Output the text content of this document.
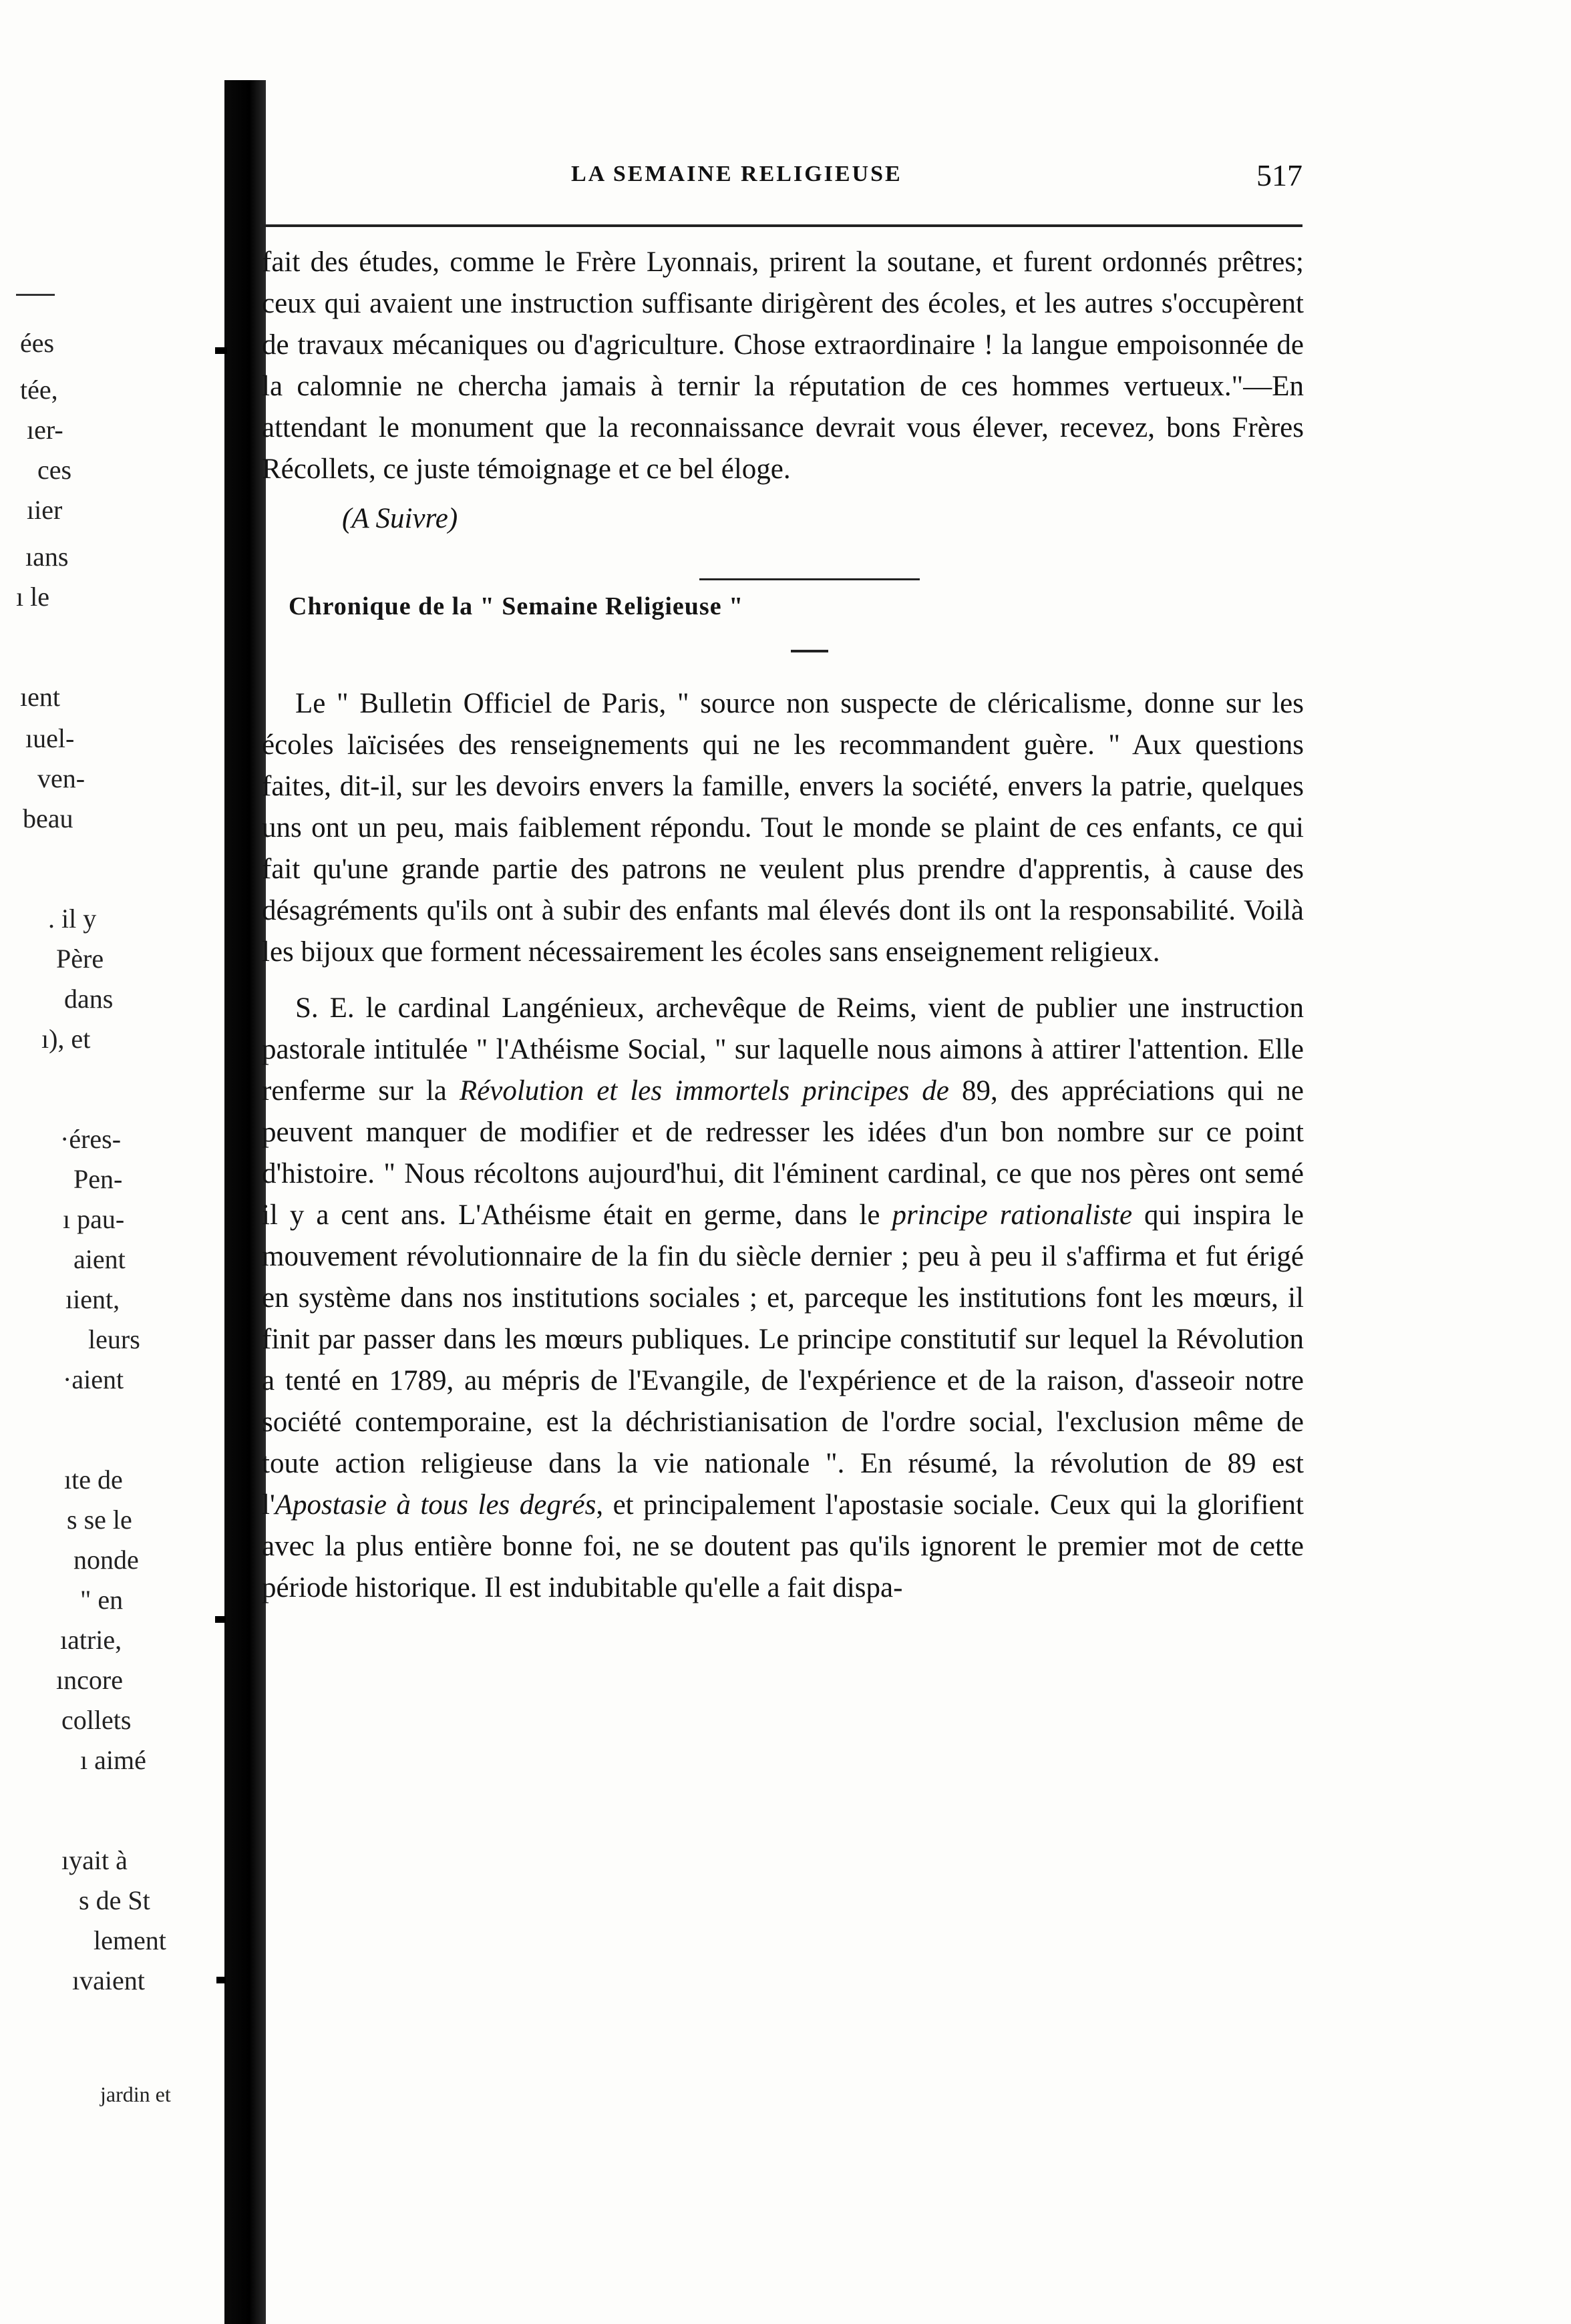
ées
tée,
ıer-
ces
ıier
ıans
ı le
ıent
ıuel-
ven-
beau
. il y
Père
dans
ı), et
·éres-
Pen-
ı pau-
aient
ıient,
leurs
·aient
ıte de
s se le
nonde
" en
ıatrie,
ıncore
collets
ı aimé
ıyait à
s de St
lement
ıvaient
jardin et
LA SEMAINE RELIGIEUSE	517

fait des études, comme le Frère Lyonnais, prirent la soutane, et furent ordonnés prêtres; ceux qui avaient une instruction suffisante dirigèrent des écoles, et les autres s'occupèrent de travaux mécaniques ou d'agriculture. Chose extraordinaire ! la langue empoisonnée de la calomnie ne chercha jamais à ternir la réputation de ces hommes vertueux."—En attendant le monument que la reconnaissance devrait vous élever, recevez, bons Frères Récollets, ce juste témoignage et ce bel éloge.

(A Suivre)

Chronique de la " Semaine Religieuse "

Le " Bulletin Officiel de Paris, " source non suspecte de cléricalisme, donne sur les écoles laïcisées des renseignements qui ne les recommandent guère. " Aux questions faites, dit-il, sur les devoirs envers la famille, envers la société, envers la patrie, quelques uns ont un peu, mais faiblement répondu. Tout le monde se plaint de ces enfants, ce qui fait qu'une grande partie des patrons ne veulent plus prendre d'apprentis, à cause des désagréments qu'ils ont à subir des enfants mal élevés dont ils ont la responsabilité. Voilà les bijoux que forment nécessairement les écoles sans enseignement religieux.

S. E. le cardinal Langénieux, archevêque de Reims, vient de publier une instruction pastorale intitulée " l'Athéisme Social, " sur laquelle nous aimons à attirer l'attention. Elle renferme sur la Révolution et les immortels principes de 89, des appréciations qui ne peuvent manquer de modifier et de redresser les idées d'un bon nombre sur ce point d'histoire. " Nous récoltons aujourd'hui, dit l'éminent cardinal, ce que nos pères ont semé il y a cent ans. L'Athéisme était en germe, dans le principe rationaliste qui inspira le mouvement révolutionnaire de la fin du siècle dernier ; peu à peu il s'affirma et fut érigé en système dans nos institutions sociales ; et, parceque les institutions font les mœurs, il finit par passer dans les mœurs publiques. Le principe constitutif sur lequel la Révolution a tenté en 1789, au mépris de l'Evangile, de l'expérience et de la raison, d'asseoir notre société contemporaine, est la déchristianisation de l'ordre social, l'exclusion même de toute action religieuse dans la vie nationale ". En résumé, la révolution de 89 est l'Apostasie à tous les degrés, et principalement l'apostasie sociale. Ceux qui la glorifient avec la plus entière bonne foi, ne se doutent pas qu'ils ignorent le premier mot de cette période historique. Il est indubitable qu'elle a fait dispa-
